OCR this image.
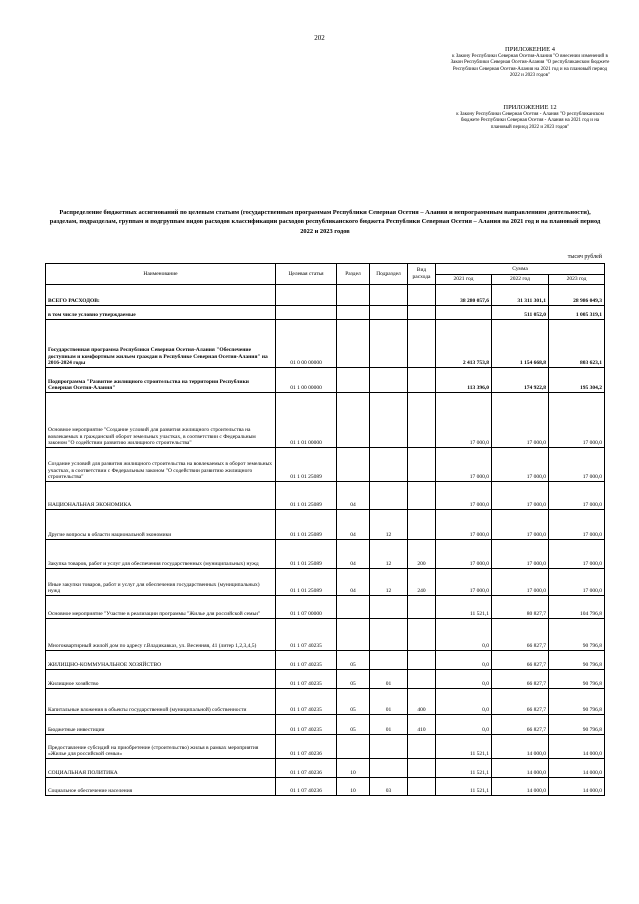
202
ПРИЛОЖЕНИЕ 4
к Закону Республики Северная Осетия-Алания "О внесении изменений в Закон Республики Северная Осетия-Алания "О республиканском бюджете Республики Северная Осетия-Алания на 2021 год и на плановый период 2022 и 2023 годов"
ПРИЛОЖЕНИЕ 12
к Закону Республики Северная Осетия - Алания "О республиканском бюджете Республики Северная Осетия - Алания на 2021 год и на плановый период 2022 и 2023 годов"
Распределение бюджетных ассигнований по целевым статьям (государственным программам Республики Северная Осетия – Алания и непрограммным направлениям деятельности), разделам, подразделам, группам и подгруппам видов расходов классификации расходов республиканского бюджета Республики Северная Осетия – Алания на 2021 год и на плановый период 2022 и 2023 годов
тысяч рублей
Наименование	Целевая статья	Раздел	Подраздел	Вид расхода	Сумма		
					2021 год	2022 год	2023 год
ВСЕГО РАСХОДОВ:					38 280 057,6	31 311 301,1	28 986 049,3
в том числе условно утверждаемые						511 052,0	1 005 319,1
Государственная программа Республики Северная Осетия-Алания "Обеспечение доступным и комфортным жильем граждан в Республике Северная Осетия-Алания" на 2016-2024 годы	01 0 00 00000				2 413 753,8	1 154 668,8	803 623,1
Подпрограмма "Развитие жилищного строительства на территории Республики Северная Осетия-Алания"	01 1 00 00000				113 396,0	174 922,8	195 304,2
Основное мероприятие "Создание условий для развития жилищного строительства на вовлекаемых в гражданский оборот земельных участках, в соответствии с Федеральным законом "О содействии развитию жилищного строительства"	01 1 01 00000				17 000,0	17 000,0	17 000,0
Создание условий для развития жилищного строительства на вовлекаемых в оборот земельных участках, в соответствии с Федеральным законом "О содействии развитию жилищного строительства"	01 1 01 25089				17 000,0	17 000,0	17 000,0
НАЦИОНАЛЬНАЯ ЭКОНОМИКА	01 1 01 25089	04			17 000,0	17 000,0	17 000,0
Другие вопросы в области национальной экономики	01 1 01 25089	04	12		17 000,0	17 000,0	17 000,0
Закупка товаров, работ и услуг для обеспечения государственных (муниципальных) нужд	01 1 01 25089	04	12	200	17 000,0	17 000,0	17 000,0
Иные закупки товаров, работ и услуг для обеспечения государственных (муниципальных) нужд	01 1 01 25089	04	12	240	17 000,0	17 000,0	17 000,0
Основное мероприятие "Участие в реализации программы "Жилье для российской семьи"	01 1 07 00000				11 521,1	80 827,7	104 796,8
Многоквартирный жилой дом по адресу г.Владикавказ, ул. Весенняя, 41 (литер 1,2,3,4,5)	01 1 07 40235				0,0	66 827,7	90 796,8
ЖИЛИЩНО-КОММУНАЛЬНОЕ ХОЗЯЙСТВО	01 1 07 40235	05			0,0	66 827,7	90 796,8
Жилищное хозяйство	01 1 07 40235	05	01		0,0	66 827,7	90 796,8
Капитальные вложения в объекты государственной (муниципальной) собственности	01 1 07 40235	05	01	400	0,0	66 827,7	90 796,8
Бюджетные инвестиции	01 1 07 40235	05	01	410	0,0	66 827,7	90 796,8
Предоставление субсидий на приобретение (строительство) жилья в рамках мероприятия «Жилье для российской семьи»	01 1 07 40236				11 521,1	14 000,0	14 000,0
СОЦИАЛЬНАЯ ПОЛИТИКА	01 1 07 40236	10			11 521,1	14 000,0	14 000,0
Социальное обеспечение населения	01 1 07 40236	10	03		11 521,1	14 000,0	14 000,0
